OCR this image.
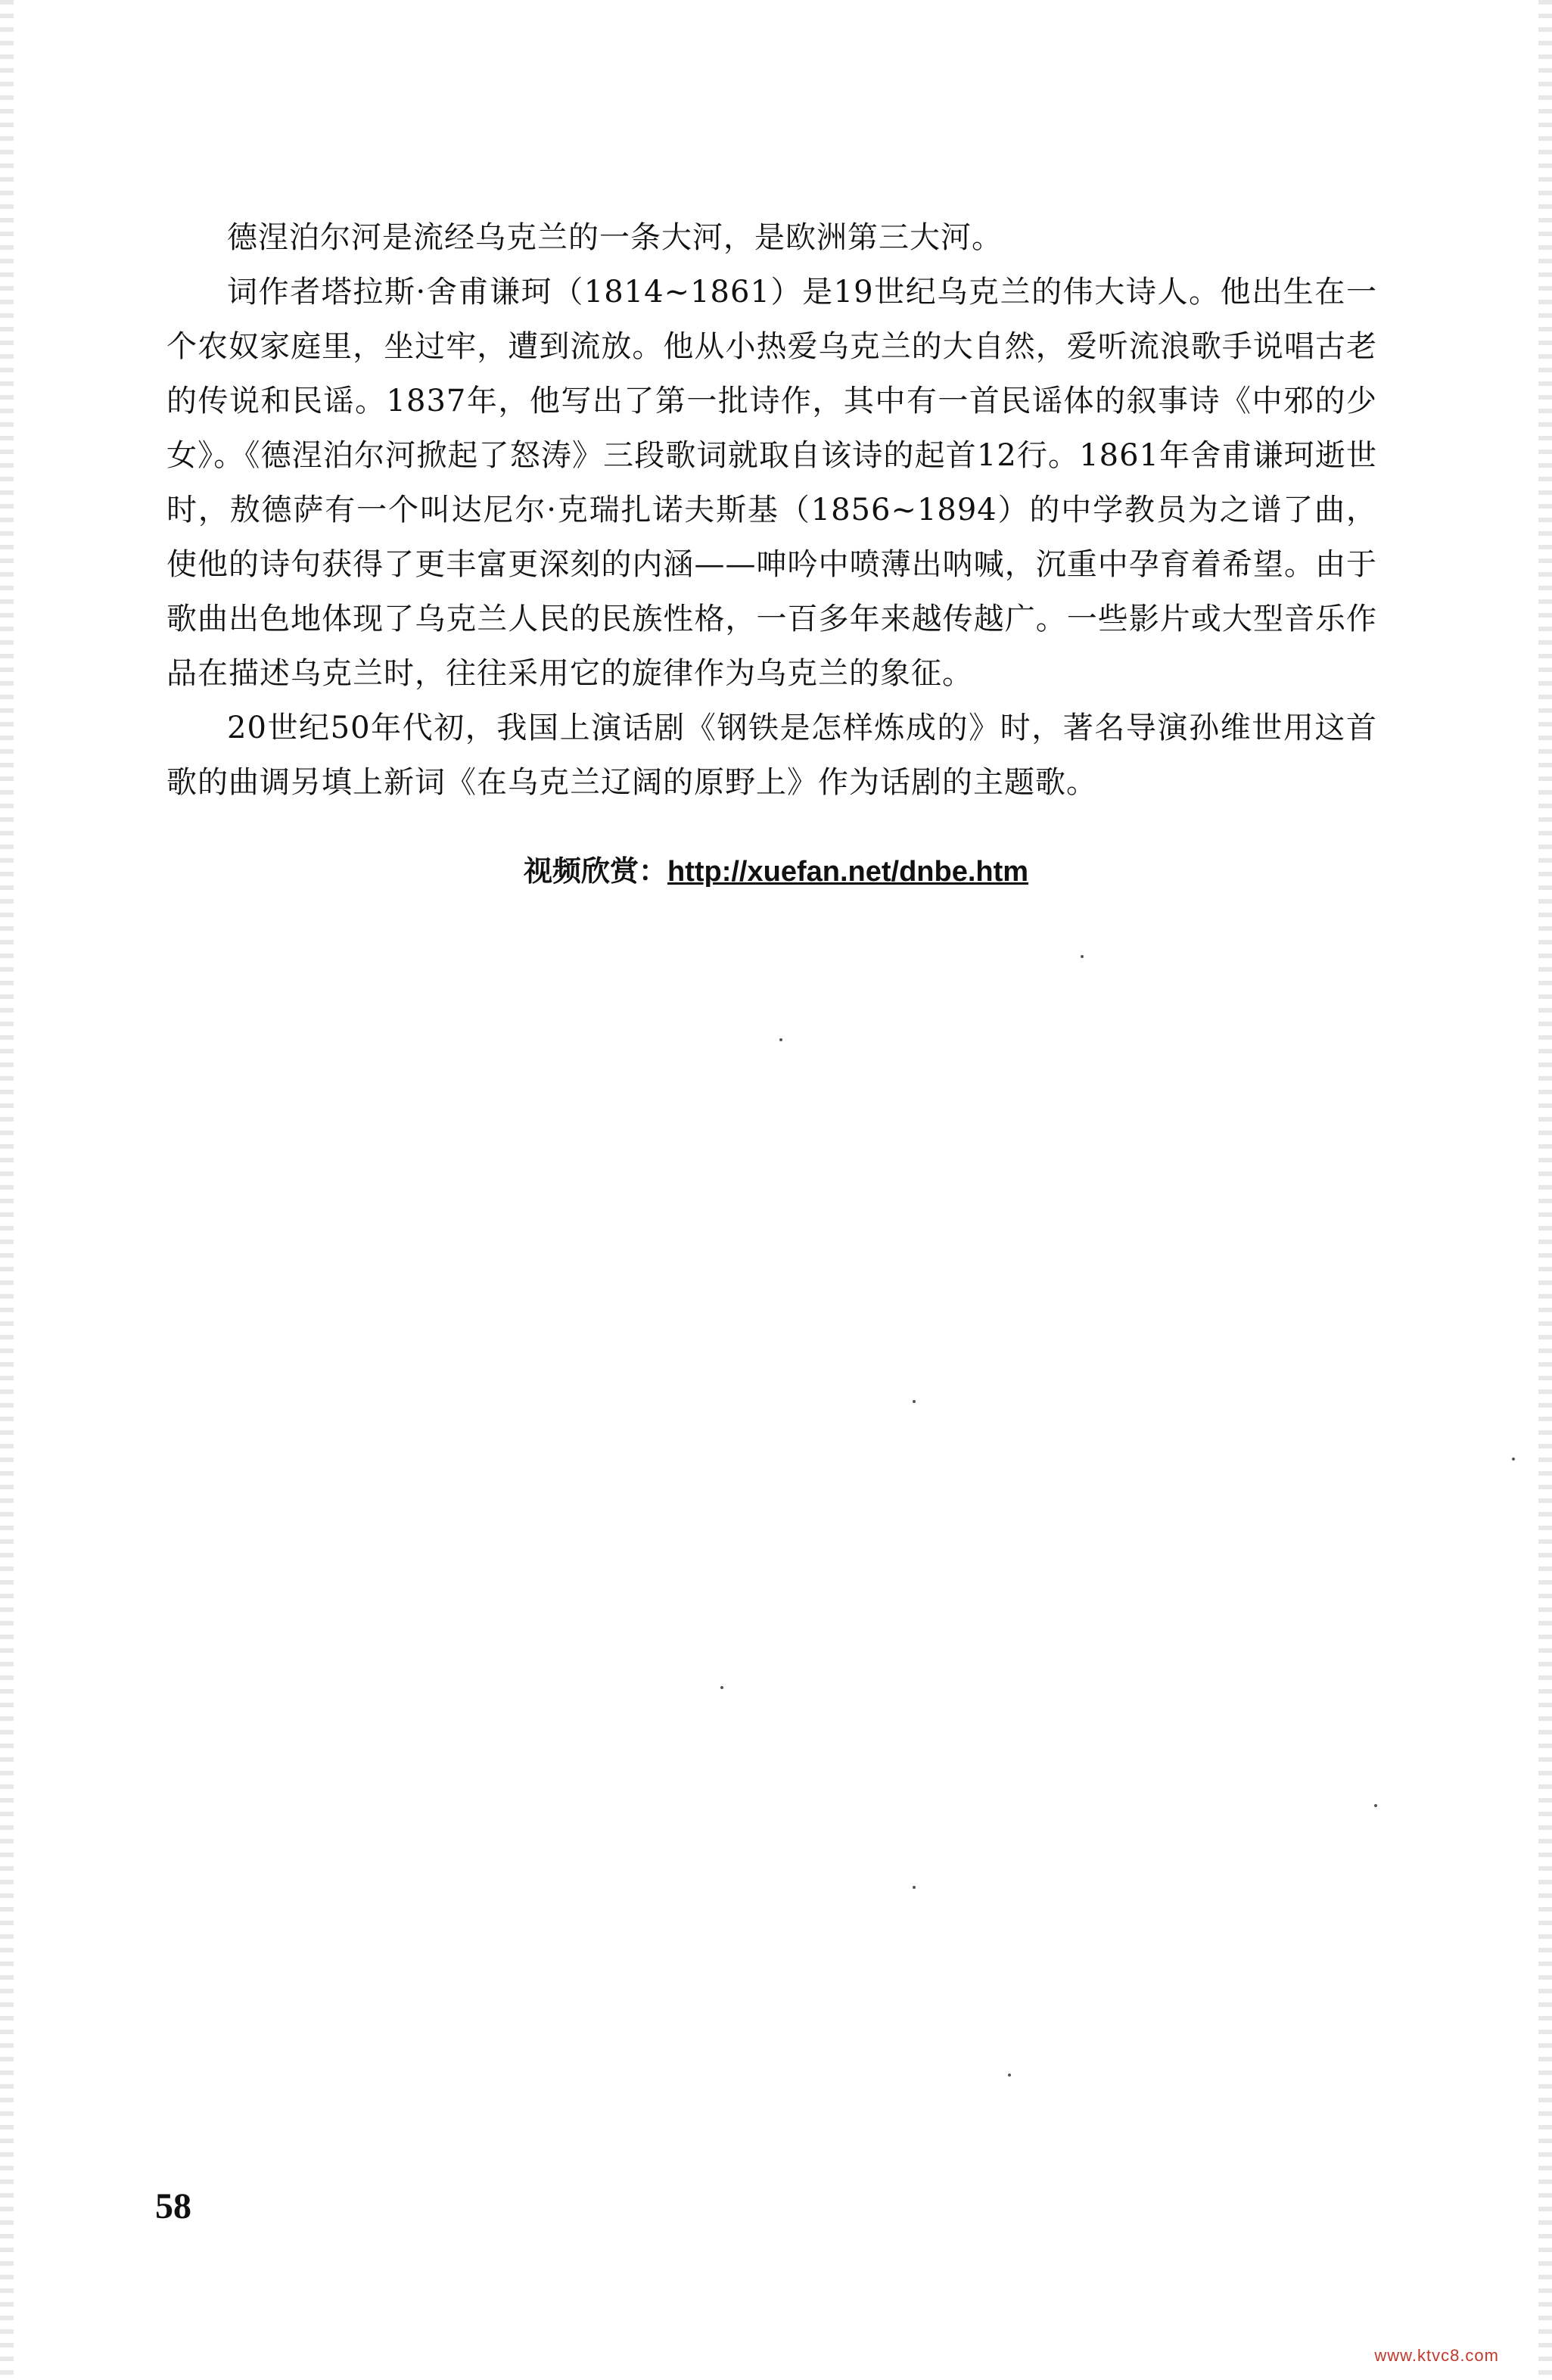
德涅泊尔河是流经乌克兰的一条大河，是欧洲第三大河。

词作者塔拉斯·舍甫谦珂（1814~1861）是19世纪乌克兰的伟大诗人。他出生在一个农奴家庭里，坐过牢，遭到流放。他从小热爱乌克兰的大自然，爱听流浪歌手说唱古老的传说和民谣。1837年，他写出了第一批诗作，其中有一首民谣体的叙事诗《中邪的少女》。《德涅泊尔河掀起了怒涛》三段歌词就取自该诗的起首12行。1861年舍甫谦珂逝世时，敖德萨有一个叫达尼尔·克瑞扎诺夫斯基（1856~1894）的中学教员为之谱了曲，使他的诗句获得了更丰富更深刻的内涵——呻吟中喷薄出呐喊，沉重中孕育着希望。由于歌曲出色地体现了乌克兰人民的民族性格，一百多年来越传越广。一些影片或大型音乐作品在描述乌克兰时，往往采用它的旋律作为乌克兰的象征。

20世纪50年代初，我国上演话剧《钢铁是怎样炼成的》时，著名导演孙维世用这首歌的曲调另填上新词《在乌克兰辽阔的原野上》作为话剧的主题歌。

视频欣赏：http://xuefan.net/dnbe.htm
58
www.ktvc8.com
